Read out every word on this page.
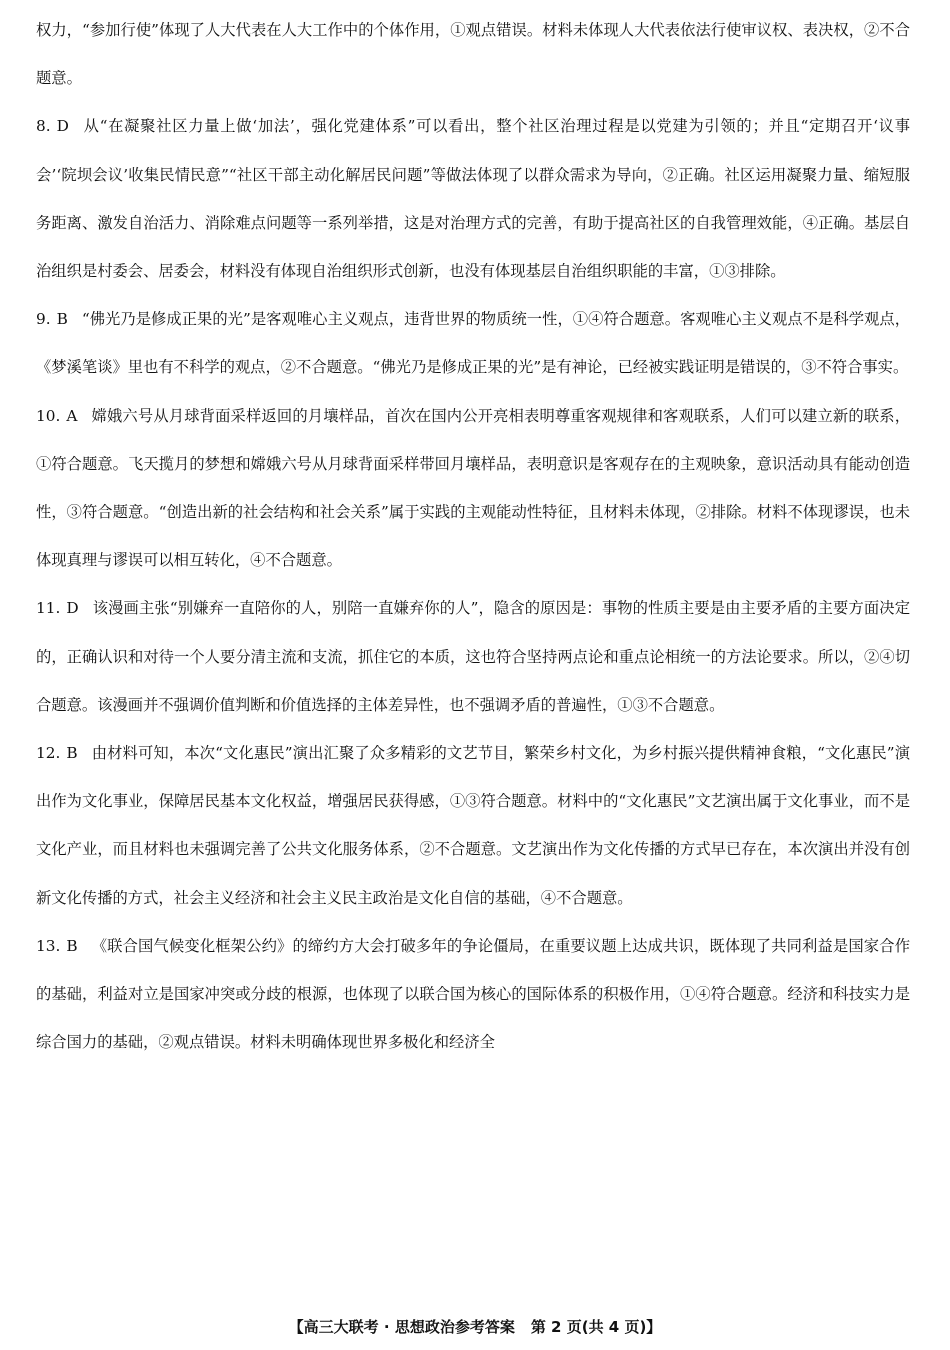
权力，“参加行使”体现了人大代表在人大工作中的个体作用，①观点错误。材料未体现人大代表依法行使审议权、表决权，②不合题意。

8. D 从“在凝聚社区力量上做‘加法’，强化党建体系”可以看出，整个社区治理过程是以党建为引领的；并且“定期召开‘议事会’‘院坝会议’收集民情民意”“社区干部主动化解居民问题”等做法体现了以群众需求为导向，②正确。社区运用凝聚力量、缩短服务距离、激发自治活力、消除难点问题等一系列举措，这是对治理方式的完善，有助于提高社区的自我管理效能，④正确。基层自治组织是村委会、居委会，材料没有体现自治组织形式创新，也没有体现基层自治组织职能的丰富，①③排除。

9. B “佛光乃是修成正果的光”是客观唯心主义观点，违背世界的物质统一性，①④符合题意。客观唯心主义观点不是科学观点，《梦溪笔谈》里也有不科学的观点，②不合题意。“佛光乃是修成正果的光”是有神论，已经被实践证明是错误的，③不符合事实。

10. A 嫦娥六号从月球背面采样返回的月壤样品，首次在国内公开亮相表明尊重客观规律和客观联系，人们可以建立新的联系，①符合题意。飞天揽月的梦想和嫦娥六号从月球背面采样带回月壤样品，表明意识是客观存在的主观映象，意识活动具有能动创造性，③符合题意。“创造出新的社会结构和社会关系”属于实践的主观能动性特征，且材料未体现，②排除。材料不体现谬误，也未体现真理与谬误可以相互转化，④不合题意。

11. D 该漫画主张“别嫌弃一直陪你的人，别陪一直嫌弃你的人”，隐含的原因是：事物的性质主要是由主要矛盾的主要方面决定的，正确认识和对待一个人要分清主流和支流，抓住它的本质，这也符合坚持两点论和重点论相统一的方法论要求。所以，②④切合题意。该漫画并不强调价值判断和价值选择的主体差异性，也不强调矛盾的普遍性，①③不合题意。

12. B 由材料可知，本次“文化惠民”演出汇聚了众多精彩的文艺节目，繁荣乡村文化，为乡村振兴提供精神食粮，“文化惠民”演出作为文化事业，保障居民基本文化权益，增强居民获得感，①③符合题意。材料中的“文化惠民”文艺演出属于文化事业，而不是文化产业，而且材料也未强调完善了公共文化服务体系，②不合题意。文艺演出作为文化传播的方式早已存在，本次演出并没有创新文化传播的方式，社会主义经济和社会主义民主政治是文化自信的基础，④不合题意。

13. B 《联合国气候变化框架公约》的缔约方大会打破多年的争论僵局，在重要议题上达成共识，既体现了共同利益是国家合作的基础，利益对立是国家冲突或分歧的根源，也体现了以联合国为核心的国际体系的积极作用，①④符合题意。经济和科技实力是综合国力的基础，②观点错误。材料未明确体现世界多极化和经济全

【高三大联考 · 思想政治参考答案 第 2 页(共 4 页)】
